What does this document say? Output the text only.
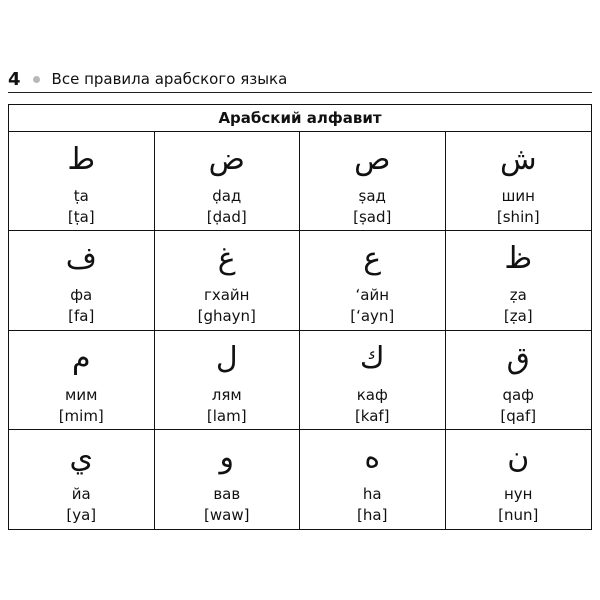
4 Все правила арабского языка
Арабский алфавит
ط
ṭа
[ṭa]
ض
ḍад
[ḍad]
ص
ṣад
[ṣad]
ش
шин
[shin]
ف
фа
[fa]
غ
гхайн
[ghayn]
ع
ʻайн
[ʻayn]
ظ
ẓа
[ẓa]
م
мим
[mim]
ل
лям
[lam]
ك
каф
[kaf]
ق
qаф
[qaf]
ي
йа
[ya]
و
вав
[waw]
ه
ha
[ha]
ن
нун
[nun]
